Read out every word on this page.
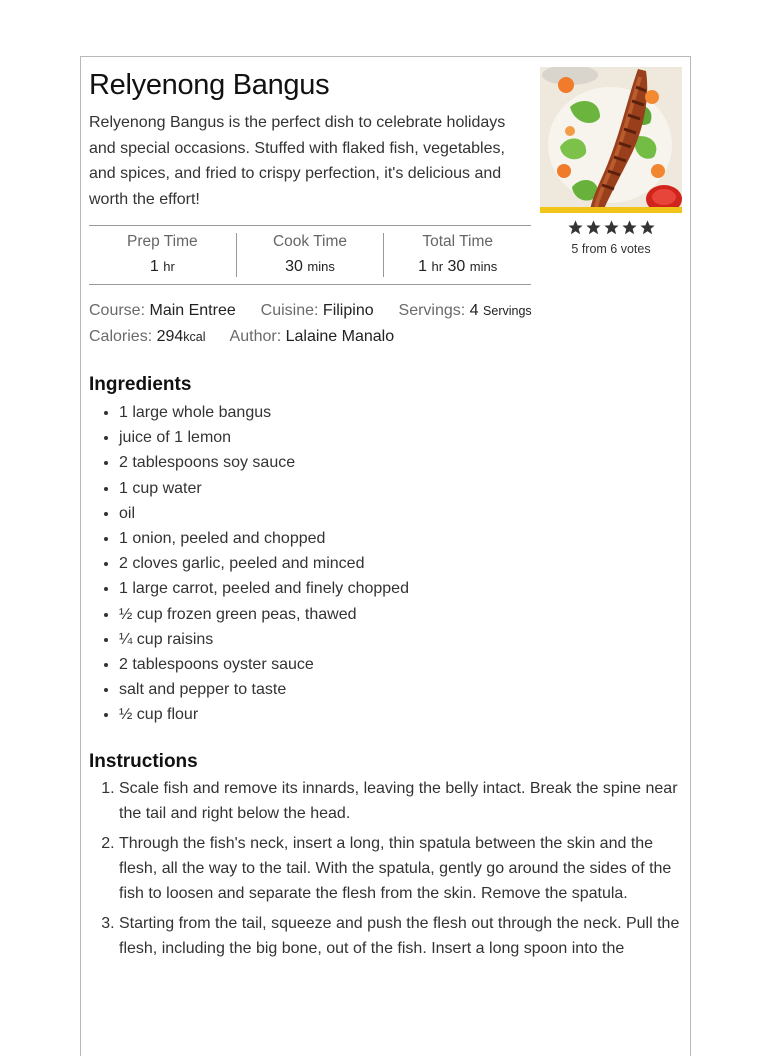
Relyenong Bangus

Relyenong Bangus is the perfect dish to celebrate holidays and special occasions. Stuffed with flaked fish, vegetables, and spices, and fried to crispy perfection, it's delicious and worth the effort!

5 from 6 votes
Prep Time
1 hr
Cook Time
30 mins
Total Time
1 hr 30 mins
Course: Main Entree Cuisine: Filipino Servings: 4 Servings
Calories: 294kcal Author: Lalaine Manalo
Ingredients
• 1 large whole bangus
• juice of 1 lemon
• 2 tablespoons soy sauce
• 1 cup water
• oil
• 1 onion, peeled and chopped
• 2 cloves garlic, peeled and minced
• 1 large carrot, peeled and finely chopped
• ½ cup frozen green peas, thawed
• ¼ cup raisins
• 2 tablespoons oyster sauce
• salt and pepper to taste
• ½ cup flour
Instructions
1. Scale fish and remove its innards, leaving the belly intact. Break the spine near the tail and right below the head.
2. Through the fish's neck, insert a long, thin spatula between the skin and the flesh, all the way to the tail. With the spatula, gently go around the sides of the fish to loosen and separate the flesh from the skin. Remove the spatula.
3. Starting from the tail, squeeze and push the flesh out through the neck. Pull the flesh, including the big bone, out of the fish. Insert a long spoon into the
